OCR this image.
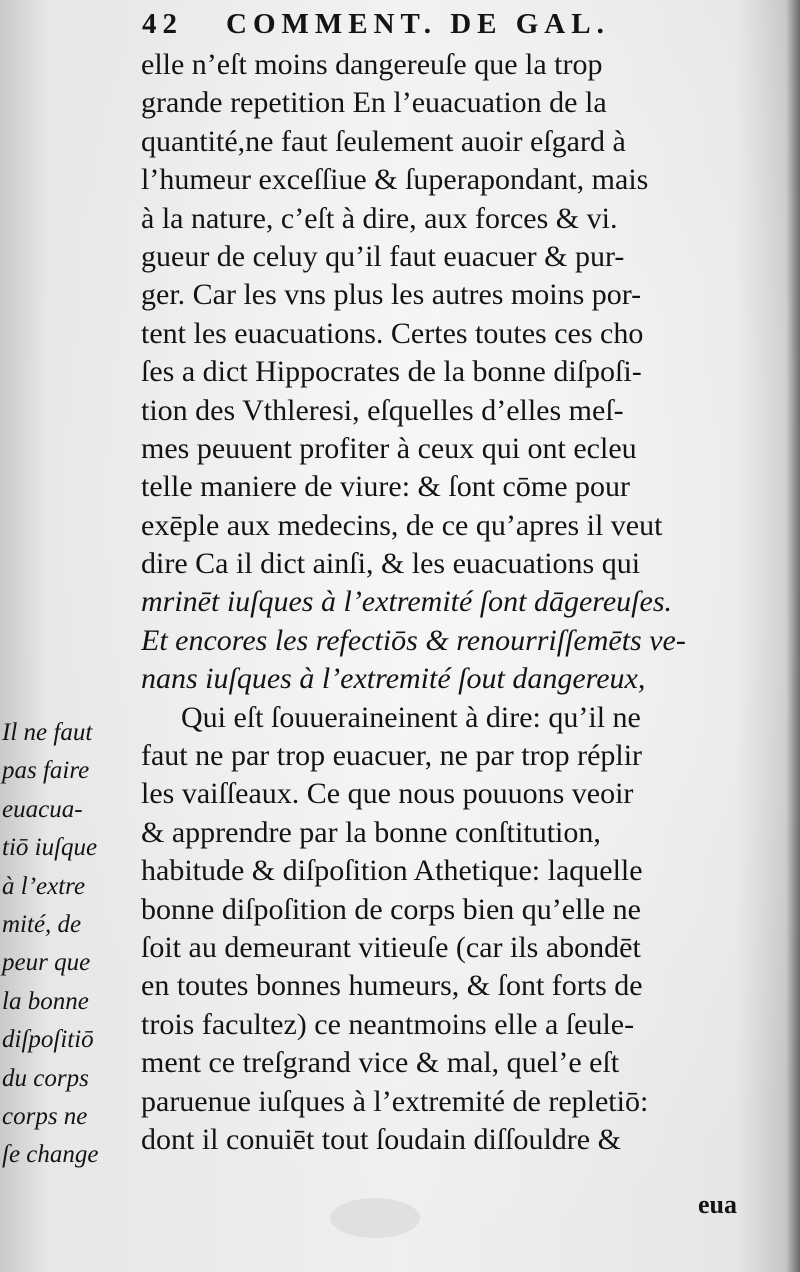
42 COMMENT. DE GAL.
elle n’eſt moins dangereuſe que la trop
grande repetition En l’euacuation de la
quantité,ne faut ſeulement auoir eſgard à
l’humeur exceſſiue & ſuperapondant, mais
à la nature, c’eſt à dire, aux forces & vi.
gueur de celuy qu’il faut euacuer & pur-
ger. Car les vns plus les autres moins por-
tent les euacuations. Certes toutes ces cho
ſes a dict Hippocrates de la bonne diſpoſi-
tion des Vthleresi, eſquelles d’elles meſ-
mes peuuent profiter à ceux qui ont ecleu
telle maniere de viure: & ſont cōme pour
exēple aux medecins, de ce qu’apres il veut
dire Ca il dict ainſi, & les euacuations qui
mrinēt iuſques à l’extremité ſont dāgereuſes.
Et encores les refectiōs & renourriſſemēts ve-
nans iuſques à l’extremité ſout dangereux,
Qui eſt ſouueraineinent à dire: qu’il ne
faut ne par trop euacuer, ne par trop réplir
les vaiſſeaux. Ce que nous pouuons veoir
& apprendre par la bonne conſtitution,
habitude & diſpoſition Athetique: laquelle
bonne diſpoſition de corps bien qu’elle ne
ſoit au demeurant vitieuſe (car ils abondēt
en toutes bonnes humeurs, & ſont forts de
trois facultez) ce neantmoins elle a ſeule-
ment ce treſgrand vice & mal, quel’e eſt
paruenue iuſques à l’extremité de repletiō:
dont il conuiēt tout ſoudain diſſouldre &
Il ne faut
pas faire
euacua-
tiō iuſque
à l’extre
mité, de
peur que
la bonne
diſpoſitiō
du corps
corps ne
ſe change
eua
